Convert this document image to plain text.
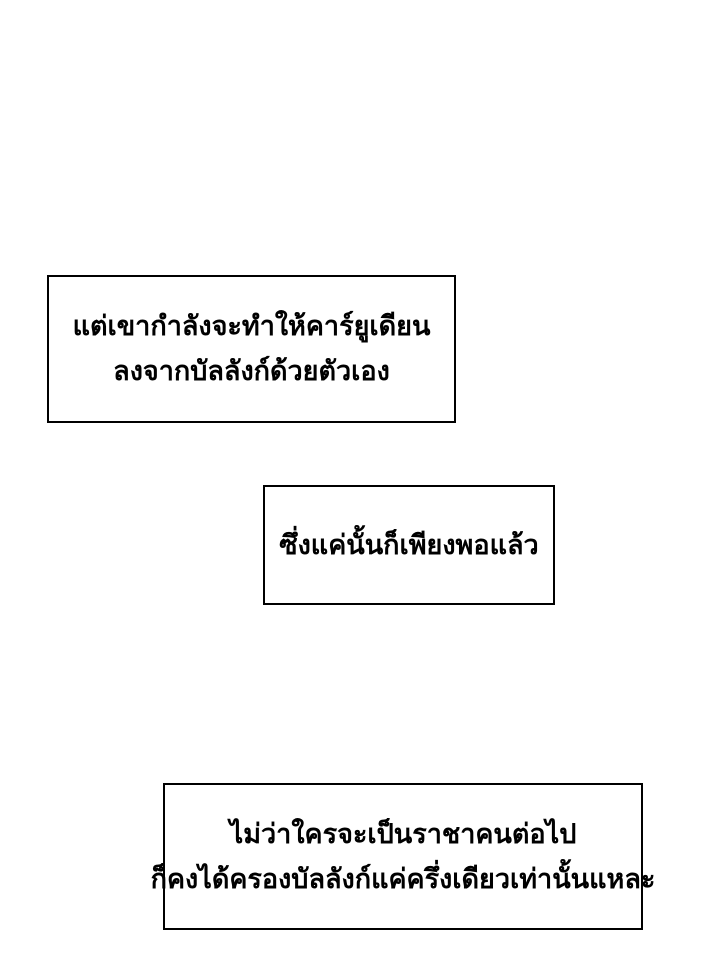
แต่เขากำลังจะทำให้คาร์ยูเดียน
ลงจากบัลลังก์ด้วยตัวเอง
ซึ่งแค่นั้นก็เพียงพอแล้ว
ไม่ว่าใครจะเป็นราชาคนต่อไป
ก็คงได้ครองบัลลังก์แค่ครึ่งเดียวเท่านั้นแหละ
